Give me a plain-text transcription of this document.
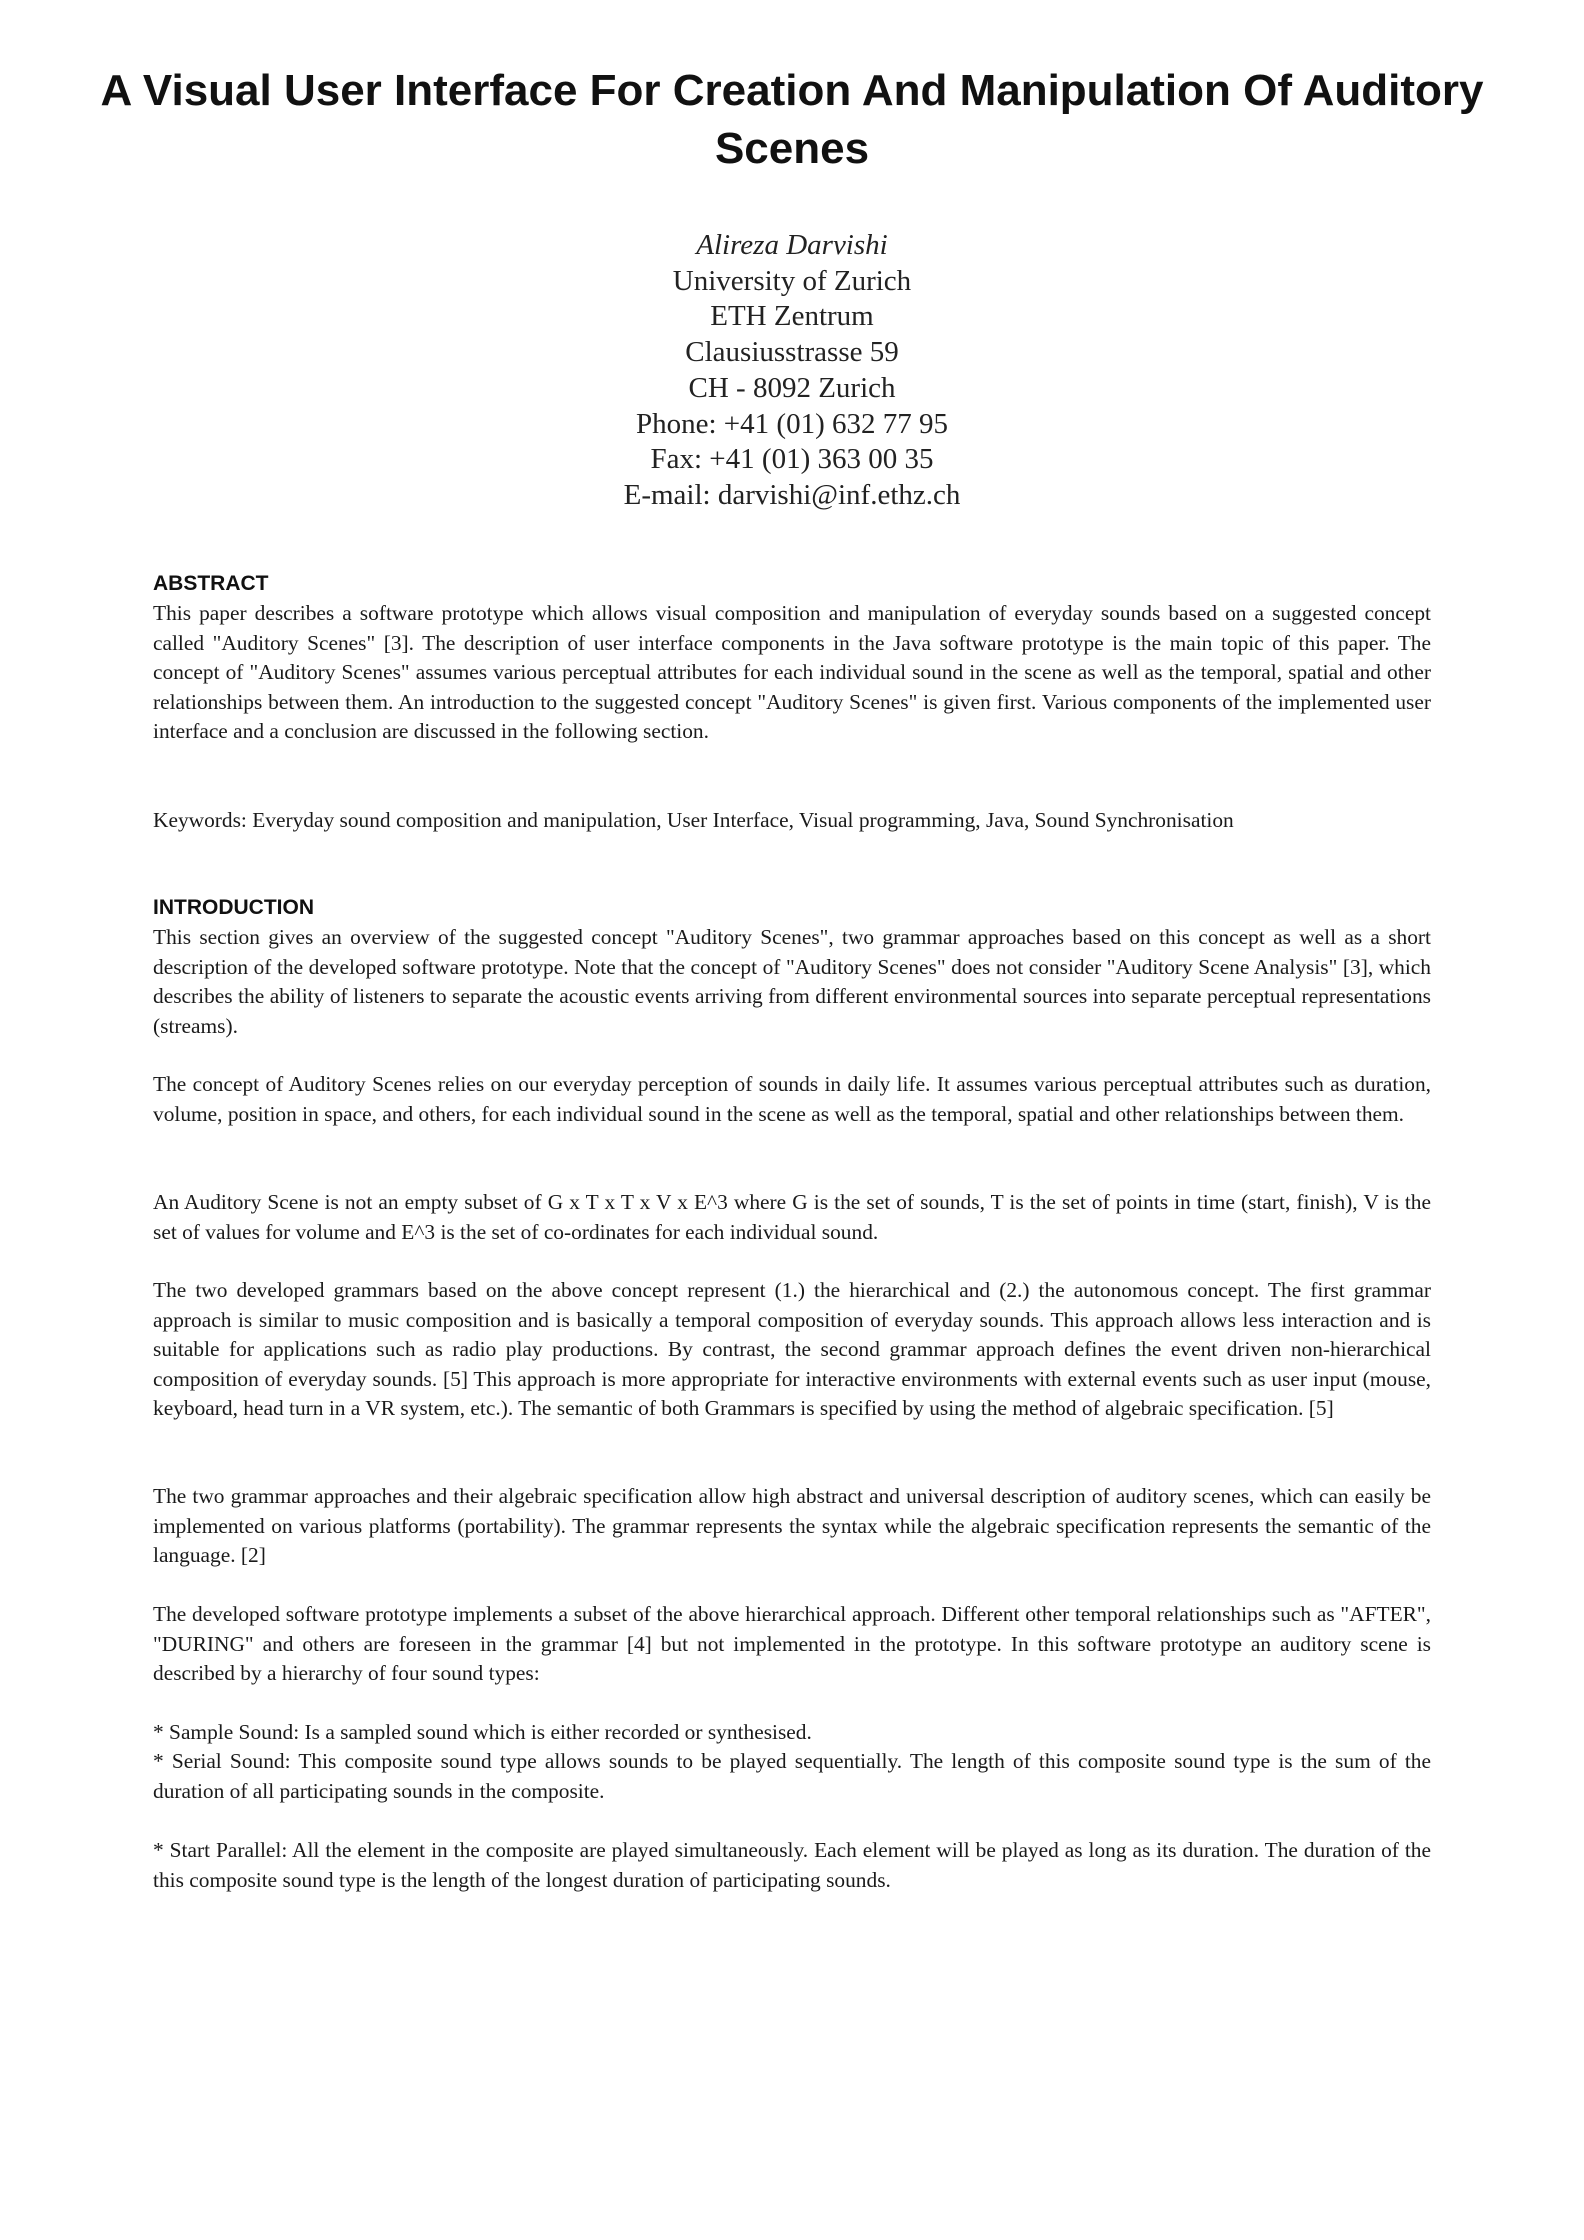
A Visual User Interface For Creation And Manipulation Of Auditory Scenes
Alireza Darvishi
University of Zurich
ETH Zentrum
Clausiusstrasse 59
CH - 8092 Zurich
Phone: +41 (01) 632 77 95
Fax: +41 (01) 363 00 35
E-mail: darvishi@inf.ethz.ch
ABSTRACT

This paper describes a software prototype which allows visual composition and manipulation of everyday sounds based on a suggested concept called "Auditory Scenes" [3]. The description of user interface components in the Java software prototype is the main topic of this paper. The concept of "Auditory Scenes" assumes various perceptual attributes for each individual sound in the scene as well as the temporal, spatial and other relationships between them. An introduction to the suggested concept "Auditory Scenes" is given first. Various components of the implemented user interface and a conclusion are discussed in the following section.

Keywords: Everyday sound composition and manipulation, User Interface, Visual programming, Java, Sound Synchronisation

INTRODUCTION

This section gives an overview of the suggested concept "Auditory Scenes", two grammar approaches based on this concept as well as a short description of the developed software prototype. Note that the concept of "Auditory Scenes" does not consider "Auditory Scene Analysis" [3], which describes the ability of listeners to separate the acoustic events arriving from different environmental sources into separate perceptual representations (streams).

The concept of Auditory Scenes relies on our everyday perception of sounds in daily life. It assumes various perceptual attributes such as duration, volume, position in space, and others, for each individual sound in the scene as well as the temporal, spatial and other relationships between them.

An Auditory Scene is not an empty subset of G x T x T x V x E^3 where G is the set of sounds, T is the set of points in time (start, finish), V is the set of values for volume and E^3 is the set of co-ordinates for each individual sound.

The two developed grammars based on the above concept represent (1.) the hierarchical and (2.) the autonomous concept. The first grammar approach is similar to music composition and is basically a temporal composition of everyday sounds. This approach allows less interaction and is suitable for applications such as radio play productions. By contrast, the second grammar approach defines the event driven non-hierarchical composition of everyday sounds. [5] This approach is more appropriate for interactive environments with external events such as user input (mouse, keyboard, head turn in a VR system, etc.). The semantic of both Grammars is specified by using the method of algebraic specification. [5]

The two grammar approaches and their algebraic specification allow high abstract and universal description of auditory scenes, which can easily be implemented on various platforms (portability). The grammar represents the syntax while the algebraic specification represents the semantic of the language. [2]

The developed software prototype implements a subset of the above hierarchical approach. Different other temporal relationships such as "AFTER", "DURING" and others are foreseen in the grammar [4] but not implemented in the prototype. In this software prototype an auditory scene is described by a hierarchy of four sound types:

* Sample Sound: Is a sampled sound which is either recorded or synthesised.

* Serial Sound: This composite sound type allows sounds to be played sequentially. The length of this composite sound type is the sum of the duration of all participating sounds in the composite.

* Start Parallel: All the element in the composite are played simultaneously. Each element will be played as long as its duration. The duration of the this composite sound type is the length of the longest duration of participating sounds.
